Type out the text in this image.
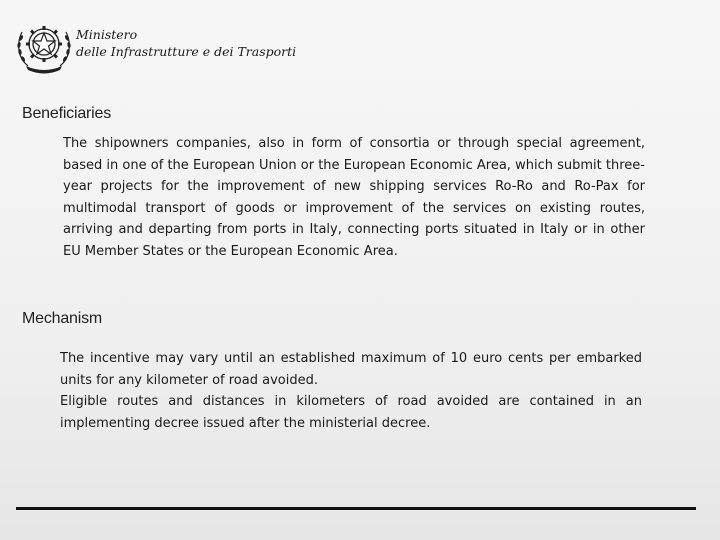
Ministero
delle Infrastrutture e dei Trasporti
Beneficiaries

The shipowners companies, also in form of consortia or through special agreement, based in one of the European Union or the European Economic Area, which submit three-year projects for the improvement of new shipping services Ro-Ro and Ro-Pax for multimodal transport of goods or improvement of the services on existing routes, arriving and departing from ports in Italy, connecting ports situated in Italy or in other EU Member States or the European Economic Area.

Mechanism

The incentive may vary until an established maximum of 10 euro cents per embarked units for any kilometer of road avoided.

Eligible routes and distances in kilometers of road avoided are contained in an implementing decree issued after the ministerial decree.
